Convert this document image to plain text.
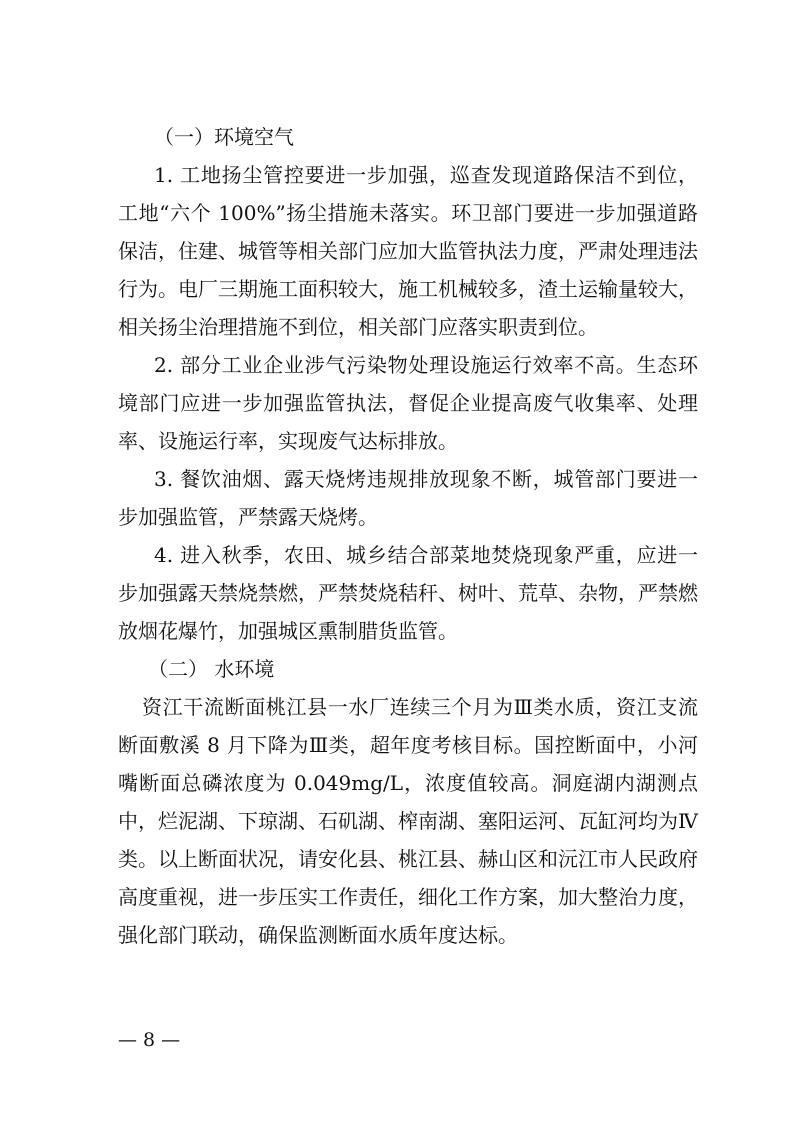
（一）环境空气

1. 工地扬尘管控要进一步加强，巡查发现道路保洁不到位，工地“六个 100%”扬尘措施未落实。环卫部门要进一步加强道路保洁，住建、城管等相关部门应加大监管执法力度，严肃处理违法行为。电厂三期施工面积较大，施工机械较多，渣土运输量较大，相关扬尘治理措施不到位，相关部门应落实职责到位。

2. 部分工业企业涉气污染物处理设施运行效率不高。生态环境部门应进一步加强监管执法，督促企业提高废气收集率、处理率、设施运行率，实现废气达标排放。

3. 餐饮油烟、露天烧烤违规排放现象不断，城管部门要进一步加强监管，严禁露天烧烤。

4. 进入秋季，农田、城乡结合部菜地焚烧现象严重，应进一步加强露天禁烧禁燃，严禁焚烧秸秆、树叶、荒草、杂物，严禁燃放烟花爆竹，加强城区熏制腊货监管。

（二） 水环境

资江干流断面桃江县一水厂连续三个月为Ⅲ类水质，资江支流断面敷溪 8 月下降为Ⅲ类，超年度考核目标。国控断面中，小河嘴断面总磷浓度为 0.049mg/L，浓度值较高。洞庭湖内湖测点中，烂泥湖、下琼湖、石矶湖、榨南湖、塞阳运河、瓦缸河均为Ⅳ类。以上断面状况，请安化县、桃江县、赫山区和沅江市人民政府高度重视，进一步压实工作责任，细化工作方案，加大整治力度，强化部门联动，确保监测断面水质年度达标。

— 8 —
